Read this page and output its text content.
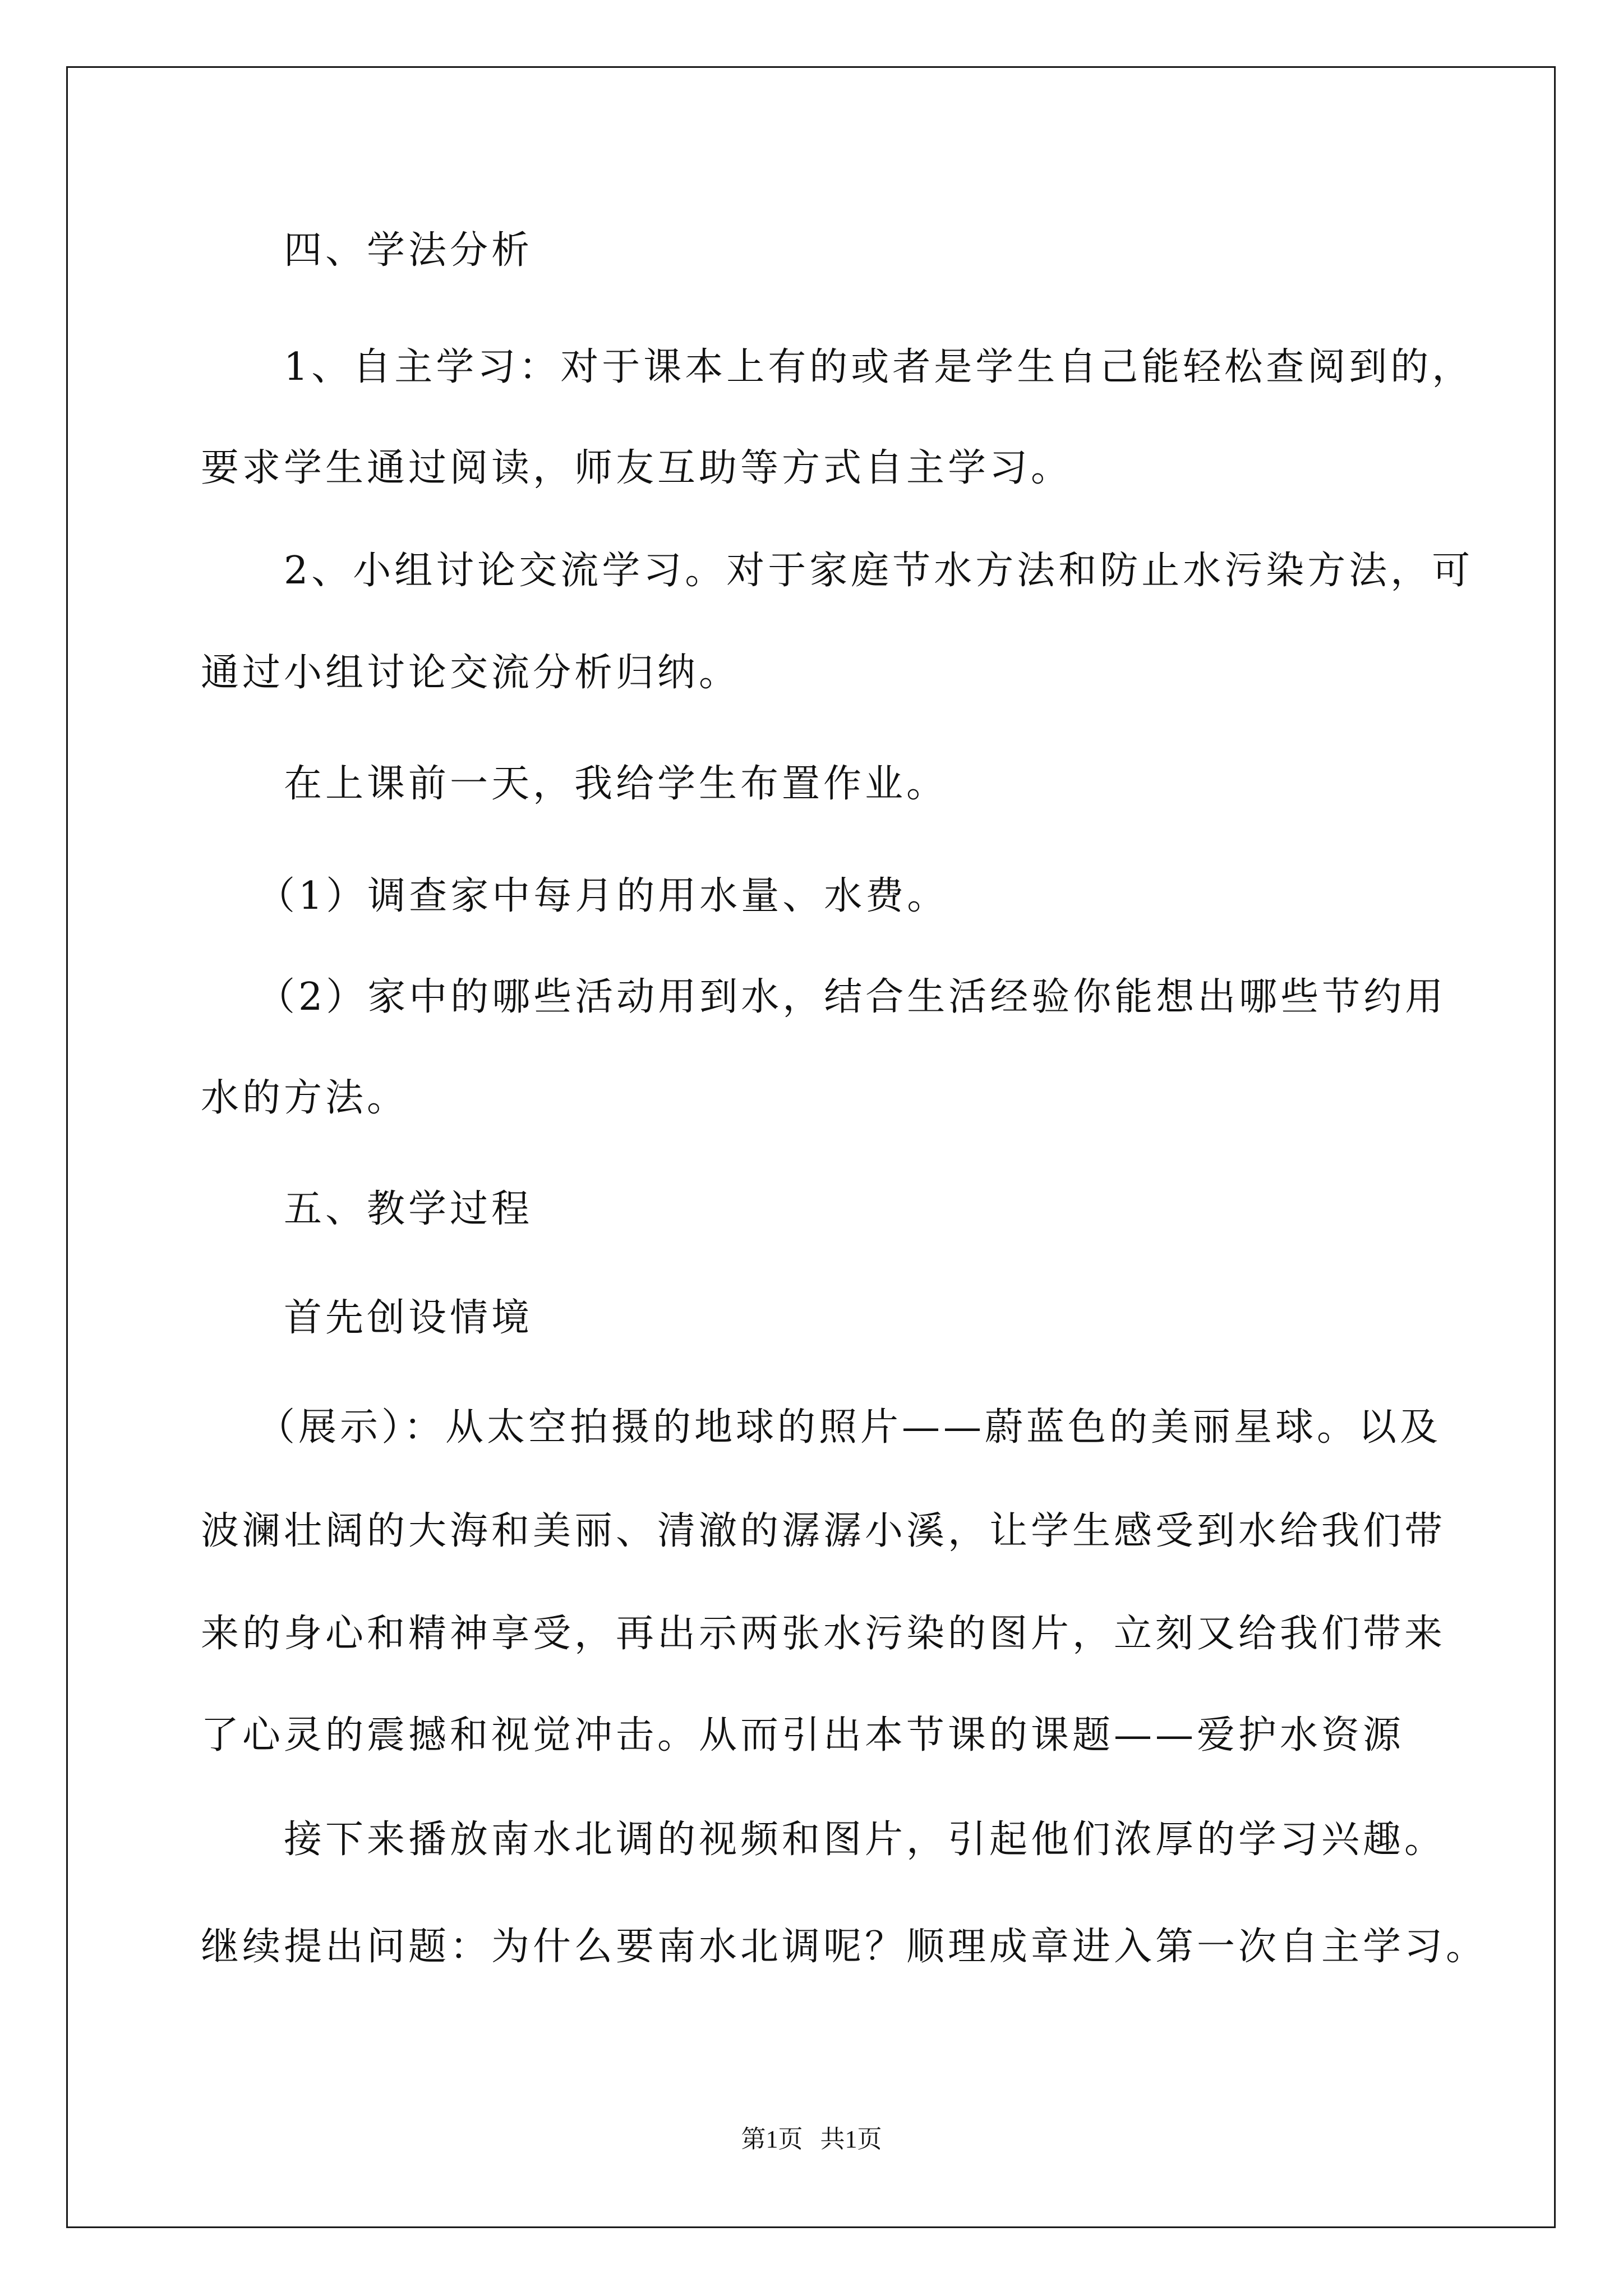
四、学法分析
1、自主学习：对于课本上有的或者是学生自己能轻松查阅到的，
要求学生通过阅读，师友互助等方式自主学习。
2、小组讨论交流学习。对于家庭节水方法和防止水污染方法，可
通过小组讨论交流分析归纳。
在上课前一天，我给学生布置作业。
（1）调查家中每月的用水量、水费。
（2）家中的哪些活动用到水，结合生活经验你能想出哪些节约用
水的方法。
五、教学过程
首先创设情境
（展示）：从太空拍摄的地球的照片——蔚蓝色的美丽星球。以及
波澜壮阔的大海和美丽、清澈的潺潺小溪，让学生感受到水给我们带
来的身心和精神享受，再出示两张水污染的图片，立刻又给我们带来
了心灵的震撼和视觉冲击。从而引出本节课的课题——爱护水资源
接下来播放南水北调的视频和图片，引起他们浓厚的学习兴趣。
继续提出问题：为什么要南水北调呢？顺理成章进入第一次自主学习。
第1页 共1页
